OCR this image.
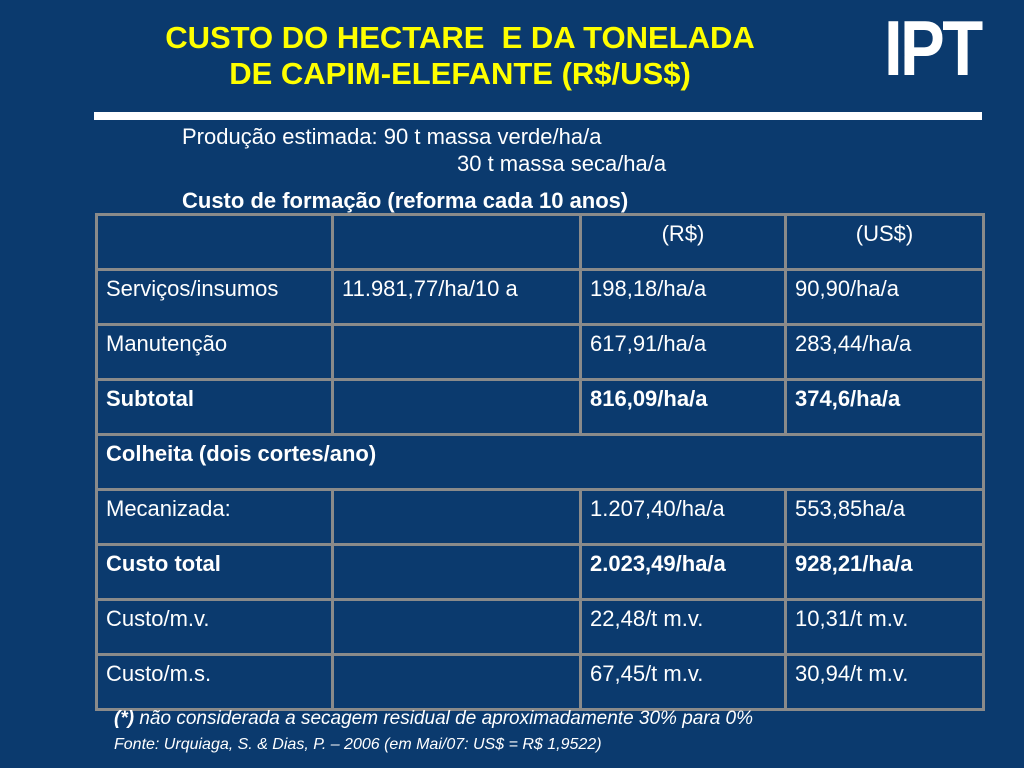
CUSTO DO HECTARE  E DA TONELADA
DE CAPIM-ELEFANTE (R$/US$)	IPT
Produção estimada: 90 t massa verde/ha/a
30 t massa seca/ha/a
Custo de formação (reforma cada 10 anos)
		(R$)	(US$)
Serviços/insumos	11.981,77/ha/10 a	198,18/ha/a	90,90/ha/a
Manutenção		617,91/ha/a	283,44/ha/a
Subtotal		816,09/ha/a	374,6/ha/a
Colheita (dois cortes/ano)			
Mecanizada:		1.207,40/ha/a	553,85ha/a
Custo total		2.023,49/ha/a	928,21/ha/a
Custo/m.v.		22,48/t m.v.	10,31/t m.v.
Custo/m.s.		67,45/t m.v.	30,94/t m.v.
(*) não considerada a secagem residual de aproximadamente 30% para 0%
Fonte: Urquiaga, S. & Dias, P. – 2006 (em Mai/07: US$ = R$ 1,9522)
